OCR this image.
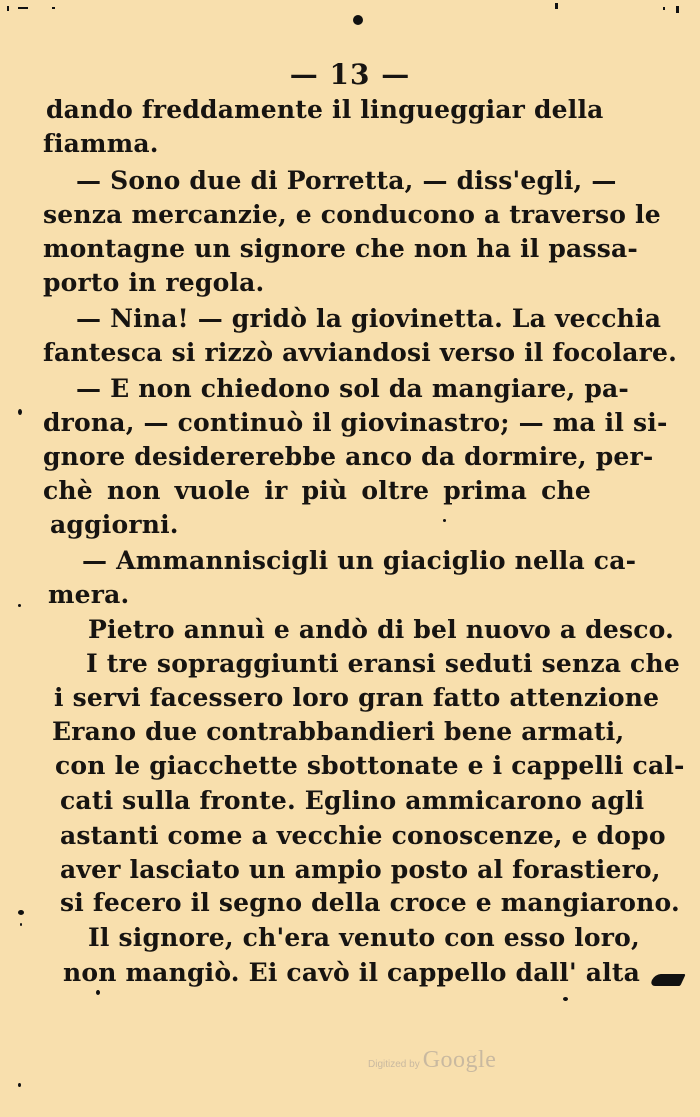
— 13 —
dando freddamente il lingueggiar della
fiamma.
— Sono due di Porretta, — diss'egli, —
senza mercanzie, e conducono a traverso le
montagne un signore che non ha il passa-
porto in regola.
— Nina! — gridò la giovinetta. La vecchia
fantesca si rizzò avviandosi verso il focolare.
— E non chiedono sol da mangiare, pa-
drona, — continuò il giovinastro; — ma il si-
gnore desidererebbe anco da dormire, per-
chè non vuole ir più oltre prima che
aggiorni.
— Ammanniscigli un giaciglio nella ca-
mera.
Pietro annuì e andò di bel nuovo a desco.
I tre sopraggiunti eransi seduti senza che
i servi facessero loro gran fatto attenzione
Erano due contrabbandieri bene armati,
con le giacchette sbottonate e i cappelli cal-
cati sulla fronte. Eglino ammicarono agli
astanti come a vecchie conoscenze, e dopo
aver lasciato un ampio posto al forastiero,
si fecero il segno della croce e mangiarono.
Il signore, ch'era venuto con esso loro,
non mangiò. Ei cavò il cappello dall' alta
Digitized by Google
